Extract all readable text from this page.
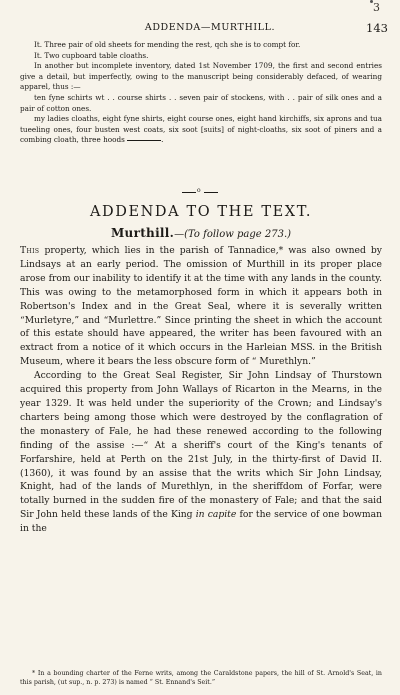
3
ADDENDA—MURTHILL.	143

It. Three pair of old sheets for mending the rest, qch she is to compt for.

It. Two cupboard table cloaths.

In another but incomplete inventory, dated 1st November 1709, the first and second entries give a detail, but imperfectly, owing to the manuscript being considerably defaced, of wearing apparel, thus :—

ten fyne schirts wt . . course shirts . . seven pair of stockens, with . . pair of silk ones and a pair of cotton ones.

my ladies cloaths, eight fyne shirts, eight course ones, eight hand kirchiffs, six aprons and tua tueeling ones, four busten west coats, six soot [suits] of night-cloaths, six soot of piners and a combing cloath, three hoods	.

o
ADDENDA TO THE TEXT.
Murthill.—(To follow page 273.)

This property, which lies in the parish of Tannadice,* was also owned by Lindsays at an early period. The omission of Murthill in its proper place arose from our inability to identify it at the time with any lands in the county. This was owing to the metamorphosed form in which it appears both in Robertson's Index and in the Great Seal, where it is severally written “Murletyre,” and “Murlettre.” Since printing the sheet in which the account of this estate should have appeared, the writer has been favoured with an extract from a notice of it which occurs in the Harleian MSS. in the British Museum, where it bears the less obscure form of “ Murethlyn.”

According to the Great Seal Register, Sir John Lindsay of Thurstown acquired this property from John Wallays of Ricarton in the Mearns, in the year 1329. It was held under the superiority of the Crown; and Lindsay's charters being among those which were destroyed by the conflagration of the monastery of Fale, he had these renewed according to the following finding of the assise :—“ At a sheriff's court of the King's tenants of Forfarshire, held at Perth on the 21st July, in the thirty-first of David II. (1360), it was found by an assise that the writs which Sir John Lindsay, Knight, had of the lands of Murethlyn, in the sheriffdom of Forfar, were totally burned in the sudden fire of the monastery of Fale; and that the said Sir John held these lands of the King in capite for the service of one bowman in the

* In a bounding charter of the Ferne writs, among the Caraldstone papers, the hill of St. Arnold's Seat, in this parish, (ut sup., n. p. 273) is named “ St. Ennand's Seit.”
